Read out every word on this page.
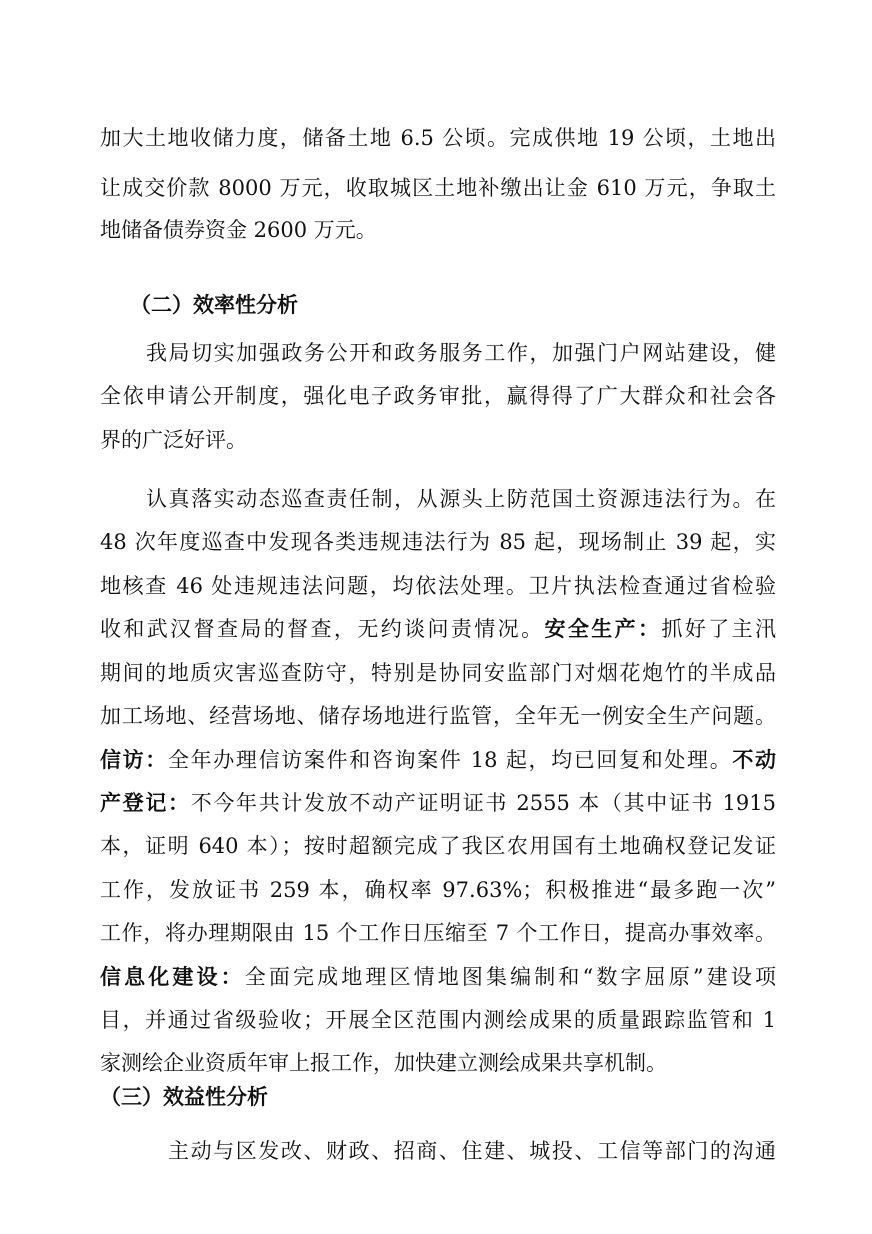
加大土地收储力度，储备土地 6.5 公顷。完成供地 19 公顷，土地出
让成交价款 8000 万元，收取城区土地补缴出让金 610 万元，争取土
地储备债券资金 2600 万元。
（二）效率性分析
我局切实加强政务公开和政务服务工作，加强门户网站建设，健
全依申请公开制度，强化电子政务审批，赢得得了广大群众和社会各
界的广泛好评。
认真落实动态巡查责任制，从源头上防范国土资源违法行为。在
48 次年度巡查中发现各类违规违法行为 85 起，现场制止 39 起，实
地核查 46 处违规违法问题，均依法处理。卫片执法检查通过省检验
收和武汉督查局的督查，无约谈问责情况。安全生产：抓好了主汛
期间的地质灾害巡查防守，特别是协同安监部门对烟花炮竹的半成品
加工场地、经营场地、储存场地进行监管，全年无一例安全生产问题。
信访：全年办理信访案件和咨询案件 18 起，均已回复和处理。不动
产登记：不今年共计发放不动产证明证书 2555 本（其中证书 1915
本，证明 640 本）；按时超额完成了我区农用国有土地确权登记发证
工作，发放证书 259 本，确权率 97.63%；积极推进“最多跑一次”
工作，将办理期限由 15 个工作日压缩至 7 个工作日，提高办事效率。
信息化建设：全面完成地理区情地图集编制和“数字屈原”建设项
目，并通过省级验收；开展全区范围内测绘成果的质量跟踪监管和 1
家测绘企业资质年审上报工作，加快建立测绘成果共享机制。
（三）效益性分析
主动与区发改、财政、招商、住建、城投、工信等部门的沟通
